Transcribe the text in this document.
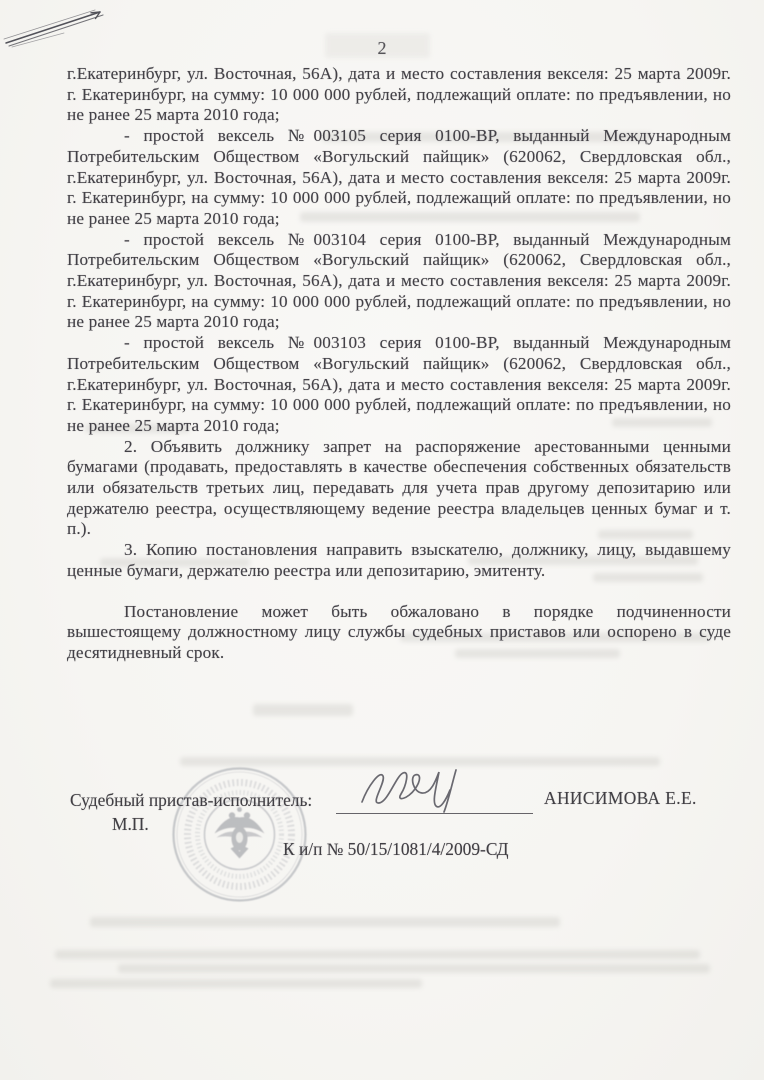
2

г.Екатеринбург, ул. Восточная, 56А), дата и место составления векселя: 25 марта 2009г. г. Екатеринбург, на сумму: 10 000 000 рублей, подлежащий оплате: по предъявлении, но не ранее 25 марта 2010 года;

- простой вексель №003105 серия 0100-ВР, выданный Международным Потребительским Обществом «Вогульский пайщик» (620062, Свердловская обл., г.Екатеринбург, ул. Восточная, 56А), дата и место составления векселя: 25 марта 2009г. г. Екатеринбург, на сумму: 10 000 000 рублей, подлежащий оплате: по предъявлении, но не ранее 25 марта 2010 года;

- простой вексель №003104 серия 0100-ВР, выданный Международным Потребительским Обществом «Вогульский пайщик» (620062, Свердловская обл., г.Екатеринбург, ул. Восточная, 56А), дата и место составления векселя: 25 марта 2009г. г. Екатеринбург, на сумму: 10 000 000 рублей, подлежащий оплате: по предъявлении, но не ранее 25 марта 2010 года;

- простой вексель №003103 серия 0100-ВР, выданный Международным Потребительским Обществом «Вогульский пайщик» (620062, Свердловская обл., г.Екатеринбург, ул. Восточная, 56А), дата и место составления векселя: 25 марта 2009г. г. Екатеринбург, на сумму: 10 000 000 рублей, подлежащий оплате: по предъявлении, но не ранее 25 марта 2010 года;

2. Объявить должнику запрет на распоряжение арестованными ценными бумагами (продавать, предоставлять в качестве обеспечения собственных обязательств или обязательств третьих лиц, передавать для учета прав другому депозитарию или держателю реестра, осуществляющему ведение реестра владельцев ценных бумаг и т. п.).

3. Копию постановления направить взыскателю, должнику, лицу, выдавшему ценные бумаги, держателю реестра или депозитарию, эмитенту.

Постановление может быть обжаловано в порядке подчиненности вышестоящему должностному лицу службы судебных приставов или оспорено в суде десятидневный срок.

Судебный пристав-исполнитель:	АНИСИМОВА Е.Е.
М.П.
К и/п № 50/15/1081/4/2009-СД
